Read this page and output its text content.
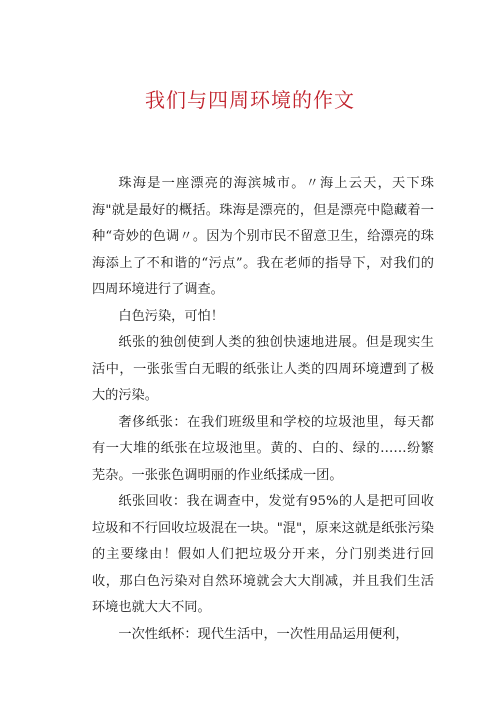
我们与四周环境的作文

珠海是一座漂亮的海滨城市。〃海上云天，天下珠海"就是最好的概括。珠海是漂亮的，但是漂亮中隐藏着一种“奇妙的色调〃。因为个别市民不留意卫生，给漂亮的珠海添上了不和谐的“污点”。我在老师的指导下，对我们的四周环境进行了调查。

白色污染，可怕！

纸张的独创使到人类的独创快速地进展。但是现实生活中，一张张雪白无暇的纸张让人类的四周环境遭到了极大的污染。

奢侈纸张：在我们班级里和学校的垃圾池里，每天都有一大堆的纸张在垃圾池里。黄的、白的、绿的……纷繁芜杂。一张张色调明丽的作业纸揉成一团。

纸张回收：我在调查中，发觉有95%的人是把可回收垃圾和不行回收垃圾混在一块。"混"，原来这就是纸张污染的主要缘由！假如人们把垃圾分开来，分门别类进行回收，那白色污染对自然环境就会大大削减，并且我们生活环境也就大大不同。

一次性纸杯：现代生活中，一次性用品运用便利，
